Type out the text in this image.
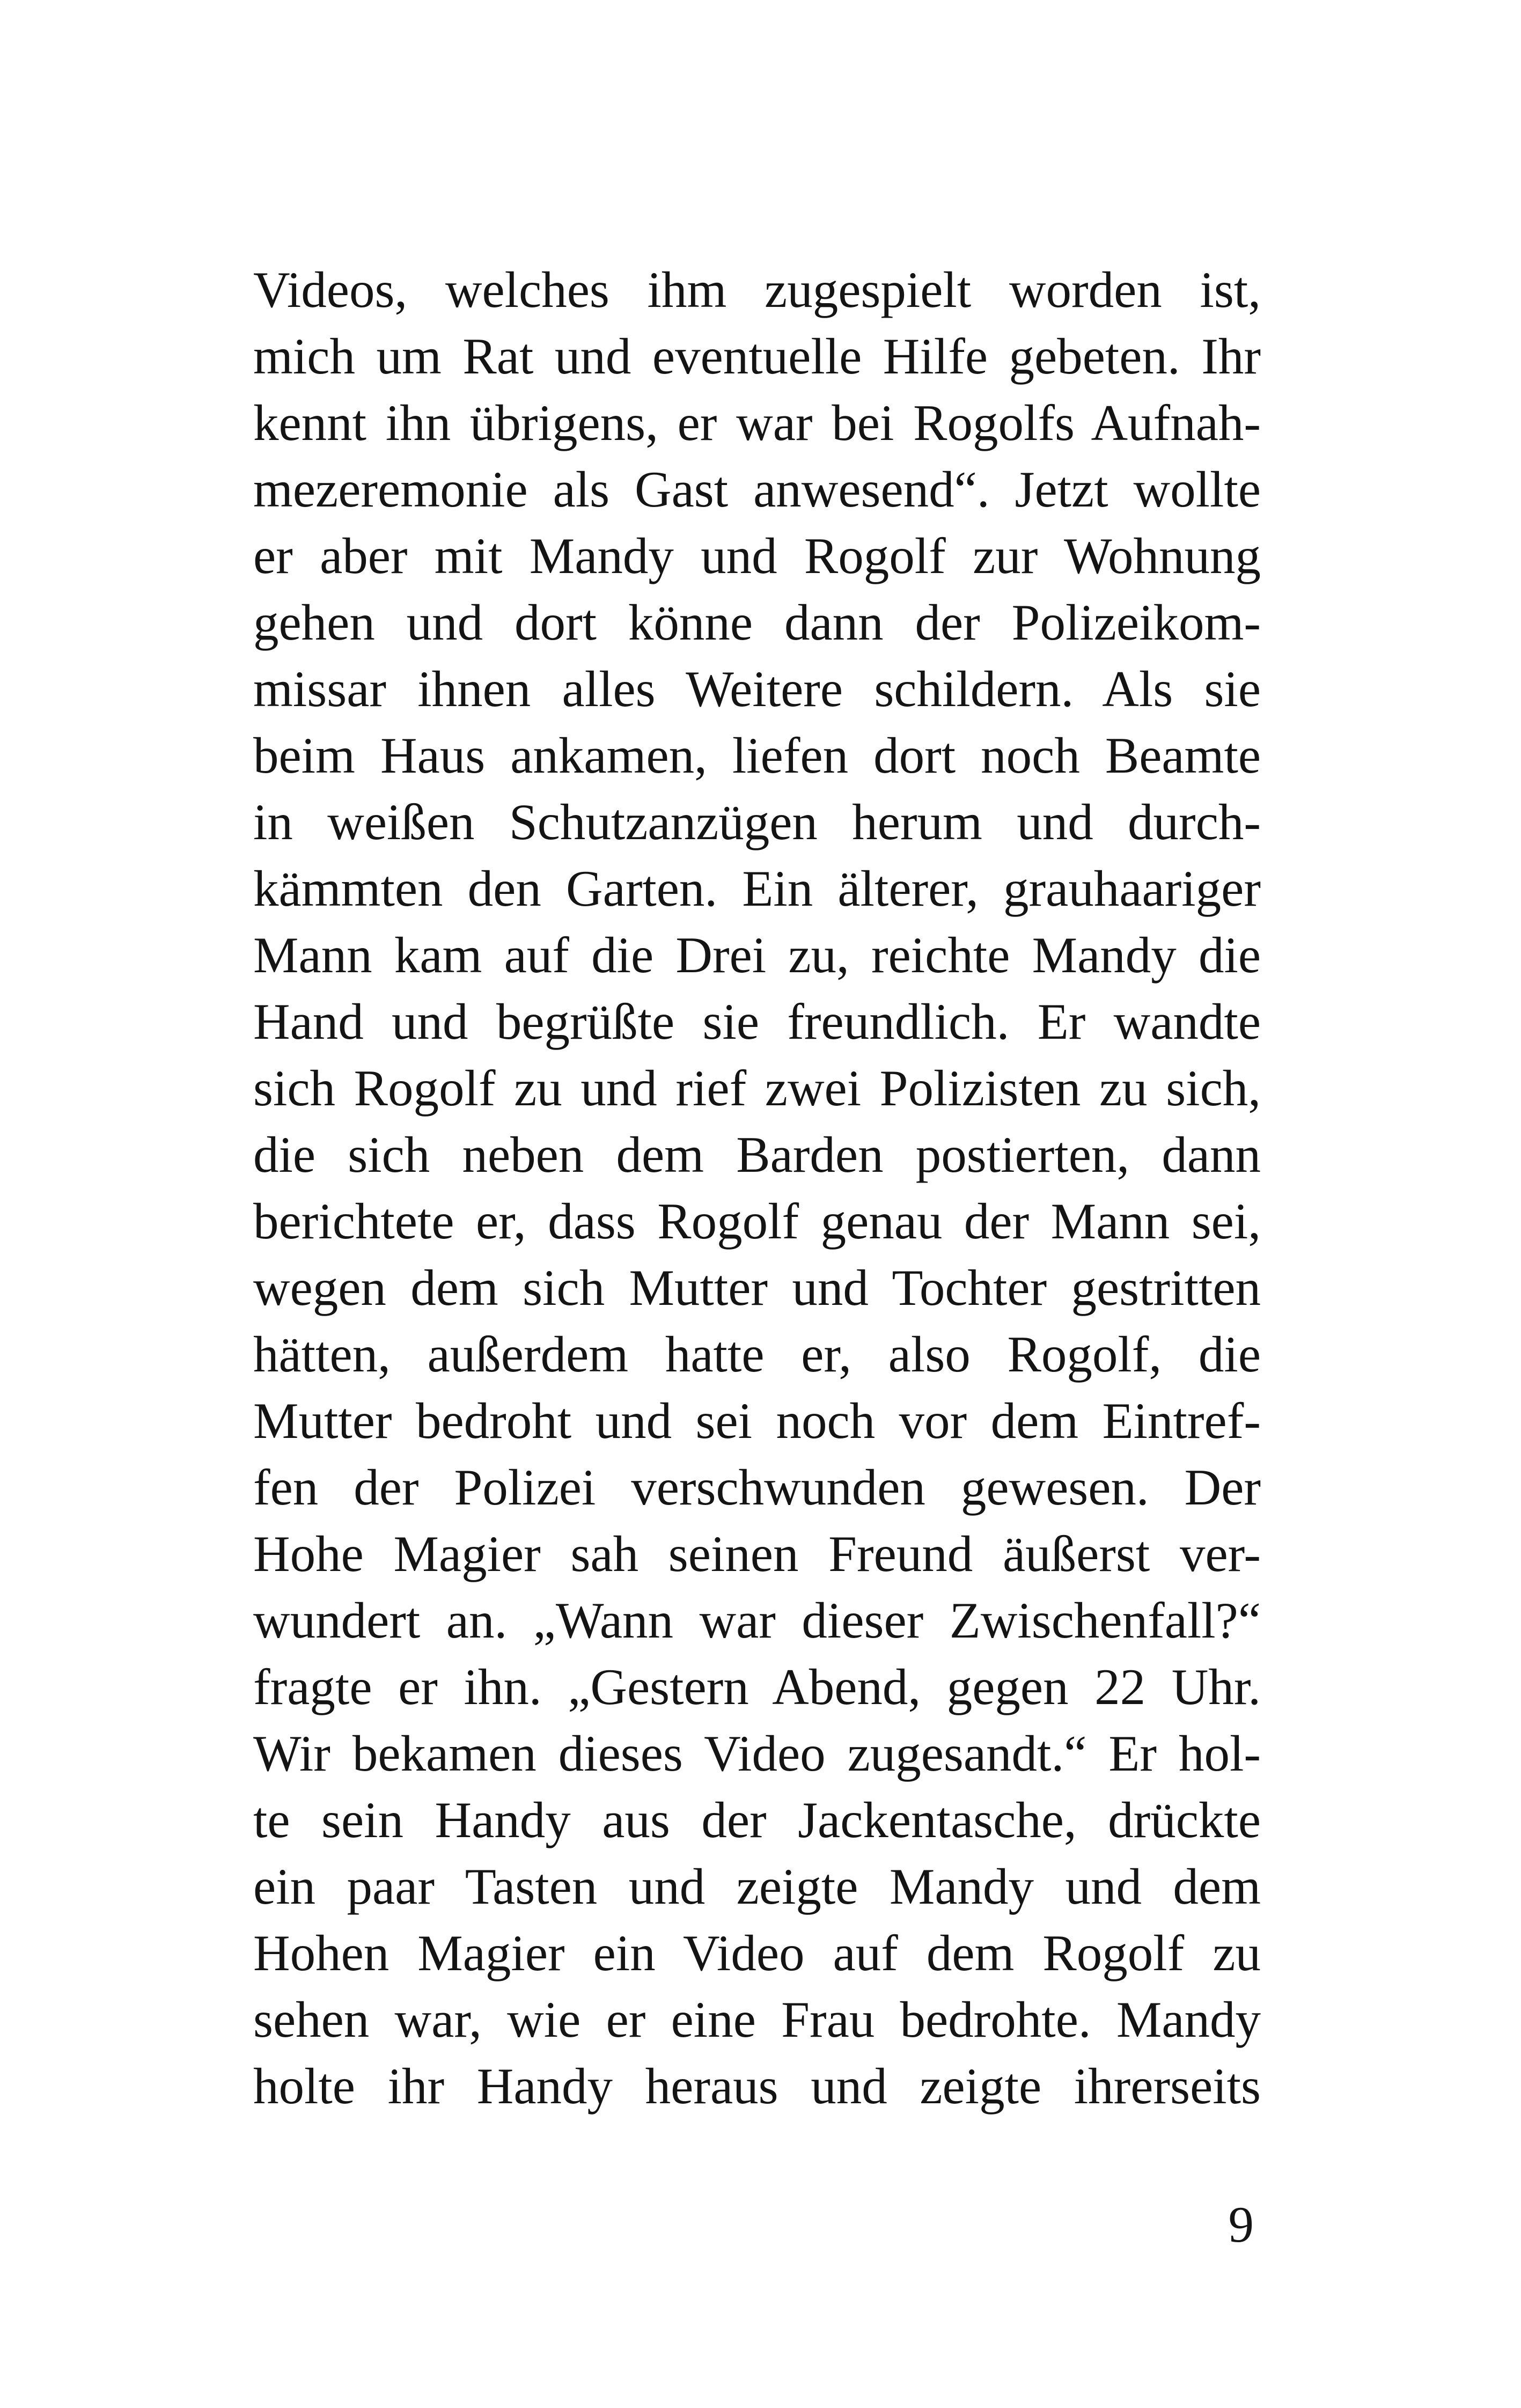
Videos, welches ihm zugespielt worden ist,
mich um Rat und eventuelle Hilfe gebeten. Ihr
kennt ihn übrigens, er war bei Rogolfs Aufnah-
mezeremonie als Gast anwesend“. Jetzt wollte
er aber mit Mandy und Rogolf zur Wohnung
gehen und dort könne dann der Polizeikom-
missar ihnen alles Weitere schildern. Als sie
beim Haus ankamen, liefen dort noch Beamte
in weißen Schutzanzügen herum und durch-
kämmten den Garten. Ein älterer, grauhaariger
Mann kam auf die Drei zu, reichte Mandy die
Hand und begrüßte sie freundlich. Er wandte
sich Rogolf zu und rief zwei Polizisten zu sich,
die sich neben dem Barden postierten, dann
berichtete er, dass Rogolf genau der Mann sei,
wegen dem sich Mutter und Tochter gestritten
hätten, außerdem hatte er, also Rogolf, die
Mutter bedroht und sei noch vor dem Eintref-
fen der Polizei verschwunden gewesen. Der
Hohe Magier sah seinen Freund äußerst ver-
wundert an. „Wann war dieser Zwischenfall?“
fragte er ihn. „Gestern Abend, gegen 22 Uhr.
Wir bekamen dieses Video zugesandt.“ Er hol-
te sein Handy aus der Jackentasche, drückte
ein paar Tasten und zeigte Mandy und dem
Hohen Magier ein Video auf dem Rogolf zu
sehen war, wie er eine Frau bedrohte. Mandy
holte ihr Handy heraus und zeigte ihrerseits
9
